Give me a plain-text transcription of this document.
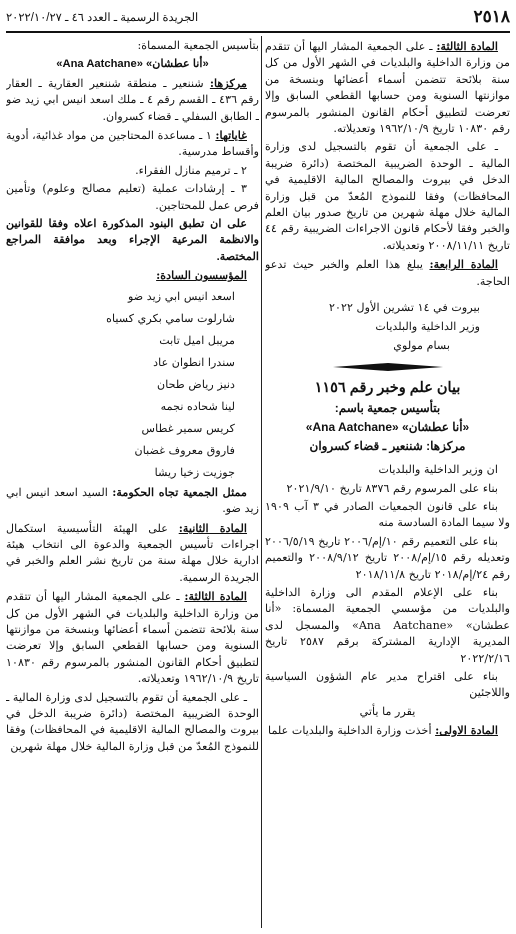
٢٥١٨
الجريدة الرسمية ـ العدد ٤٦ ـ ٢٠٢٢/١٠/٢٧

المادة الثالثة: ـ على الجمعية المشار اليها أن تتقدم من وزارة الداخلية والبلديات في الشهر الأول من كل سنة بلائحة تتضمن أسماء أعضائها وبنسخة من موازنتها السنوية ومن حسابها القطعي السابق وإلا تعرضت لتطبيق أحكام القانون المنشور بالمرسوم رقم ١٠٨٣٠ تاريخ ١٩٦٢/١٠/٩ وتعديلاته.

ـ على الجمعية أن تقوم بالتسجيل لدى وزارة المالية ـ الوحدة الضريبية المختصة (دائرة ضريبة الدخل في بيروت والمصالح المالية الاقليمية في المحافظات) وفقا للنموذج المُعدّ من قبل وزارة المالية خلال مهلة شهرين من تاريخ صدور بيان العلم والخبر وفقا لأحكام قانون الاجراءات الضريبية رقم ٤٤ تاريخ ٢٠٠٨/١١/١١ وتعديلاته.

المادة الرابعة: يبلغ هذا العلم والخبر حيث تدعو الحاجة.

بيروت في ١٤ تشرين الأول ٢٠٢٢
وزير الداخلية والبلديات
بسام مولوي
بيان علم وخبر رقم ١١٥٦
بتأسيس جمعية باسم:
«أنا عطشان» «Ana Aatchane»
مركزها: شننعير ـ قضاء كسروان

ان وزير الداخلية والبلديات

بناء على المرسوم رقم ٨٣٧٦ تاريخ ٢٠٢١/٩/١٠

بناء على قانون الجمعيات الصادر في ٣ آب ١٩٠٩ ولا سيما المادة السادسة منه

بناء على التعميم رقم ١٠/إم/٢٠٠٦ تاريخ ٢٠٠٦/٥/١٩ وتعديله رقم ١٥/إم/٢٠٠٨ تاريخ ٢٠٠٨/٩/١٢ والتعميم رقم ٢٤/إم/٢٠١٨ تاريخ ٢٠١٨/١١/٨

بناء على الإعلام المقدم الى وزارة الداخلية والبلديات من مؤسسي الجمعية المسماة: «أنا عطشان» «Ana Aatchane» والمسجل لدى المديرية الإدارية المشتركة برقم ٢٥٨٧ تاريخ ٢٠٢٢/٢/١٦

بناء على اقتراح مدير عام الشؤون السياسية واللاجئين

يقرر ما يأتي

المادة الاولى: أخذت وزارة الداخلية والبلديات علما

بتأسيس الجمعية المسماة:

«أنا عطشان» «Ana Aatchane»

مركزها: شننعير ـ منطقة شننعير العقارية ـ العقار رقم ٤٣٦ ـ القسم رقم ٤ ـ ملك اسعد انيس ابي زيد ضو ـ الطابق السفلي ـ قضاء كسروان.

غاياتها: ١ ـ مساعدة المحتاجين من مواد غذائية، أدوية وأقساط مدرسية.

٢ ـ ترميم منازل الفقراء.

٣ ـ إرشادات عملية (تعليم مصالح وعلوم) وتأمين فرص عمل للمحتاجين.

على ان تطبق البنود المذكورة اعلاه وفقا للقوانين والانظمة المرعية الإجراء وبعد موافقة المراجع المختصة.

المؤسسون السادة:

اسعد انيس ابي زيد ضو
شارلوت سامي بكري كسياه
مريبل اميل تابت
سندرا انطوان عاد
دنيز رياض طحان
لينا شحاده نجمه
كريس سمير غطاس
فاروق معروف غضبان
جوزيت زخيا ريشا

ممثل الجمعية تجاه الحكومة: السيد اسعد انيس ابي زيد ضو.

المادة الثانية: على الهيئة التأسيسية استكمال اجراءات تأسيس الجمعية والدعوة الى انتخاب هيئة ادارية خلال مهلة سنة من تاريخ نشر العلم والخبر في الجريدة الرسمية.

المادة الثالثة: ـ على الجمعية المشار اليها أن تتقدم من وزارة الداخلية والبلديات في الشهر الأول من كل سنة بلائحة تتضمن أسماء أعضائها وبنسخة من موازنتها السنوية ومن حسابها القطعي السابق وإلا تعرضت لتطبيق أحكام القانون المنشور بالمرسوم رقم ١٠٨٣٠ تاريخ ١٩٦٢/١٠/٩ وتعديلاته.

ـ على الجمعية أن تقوم بالتسجيل لدى وزارة المالية ـ الوحدة الضريبية المختصة (دائرة ضريبة الدخل في بيروت والمصالح المالية الاقليمية في المحافظات) وفقا للنموذج المُعدّ من قبل وزارة المالية خلال مهلة شهرين
